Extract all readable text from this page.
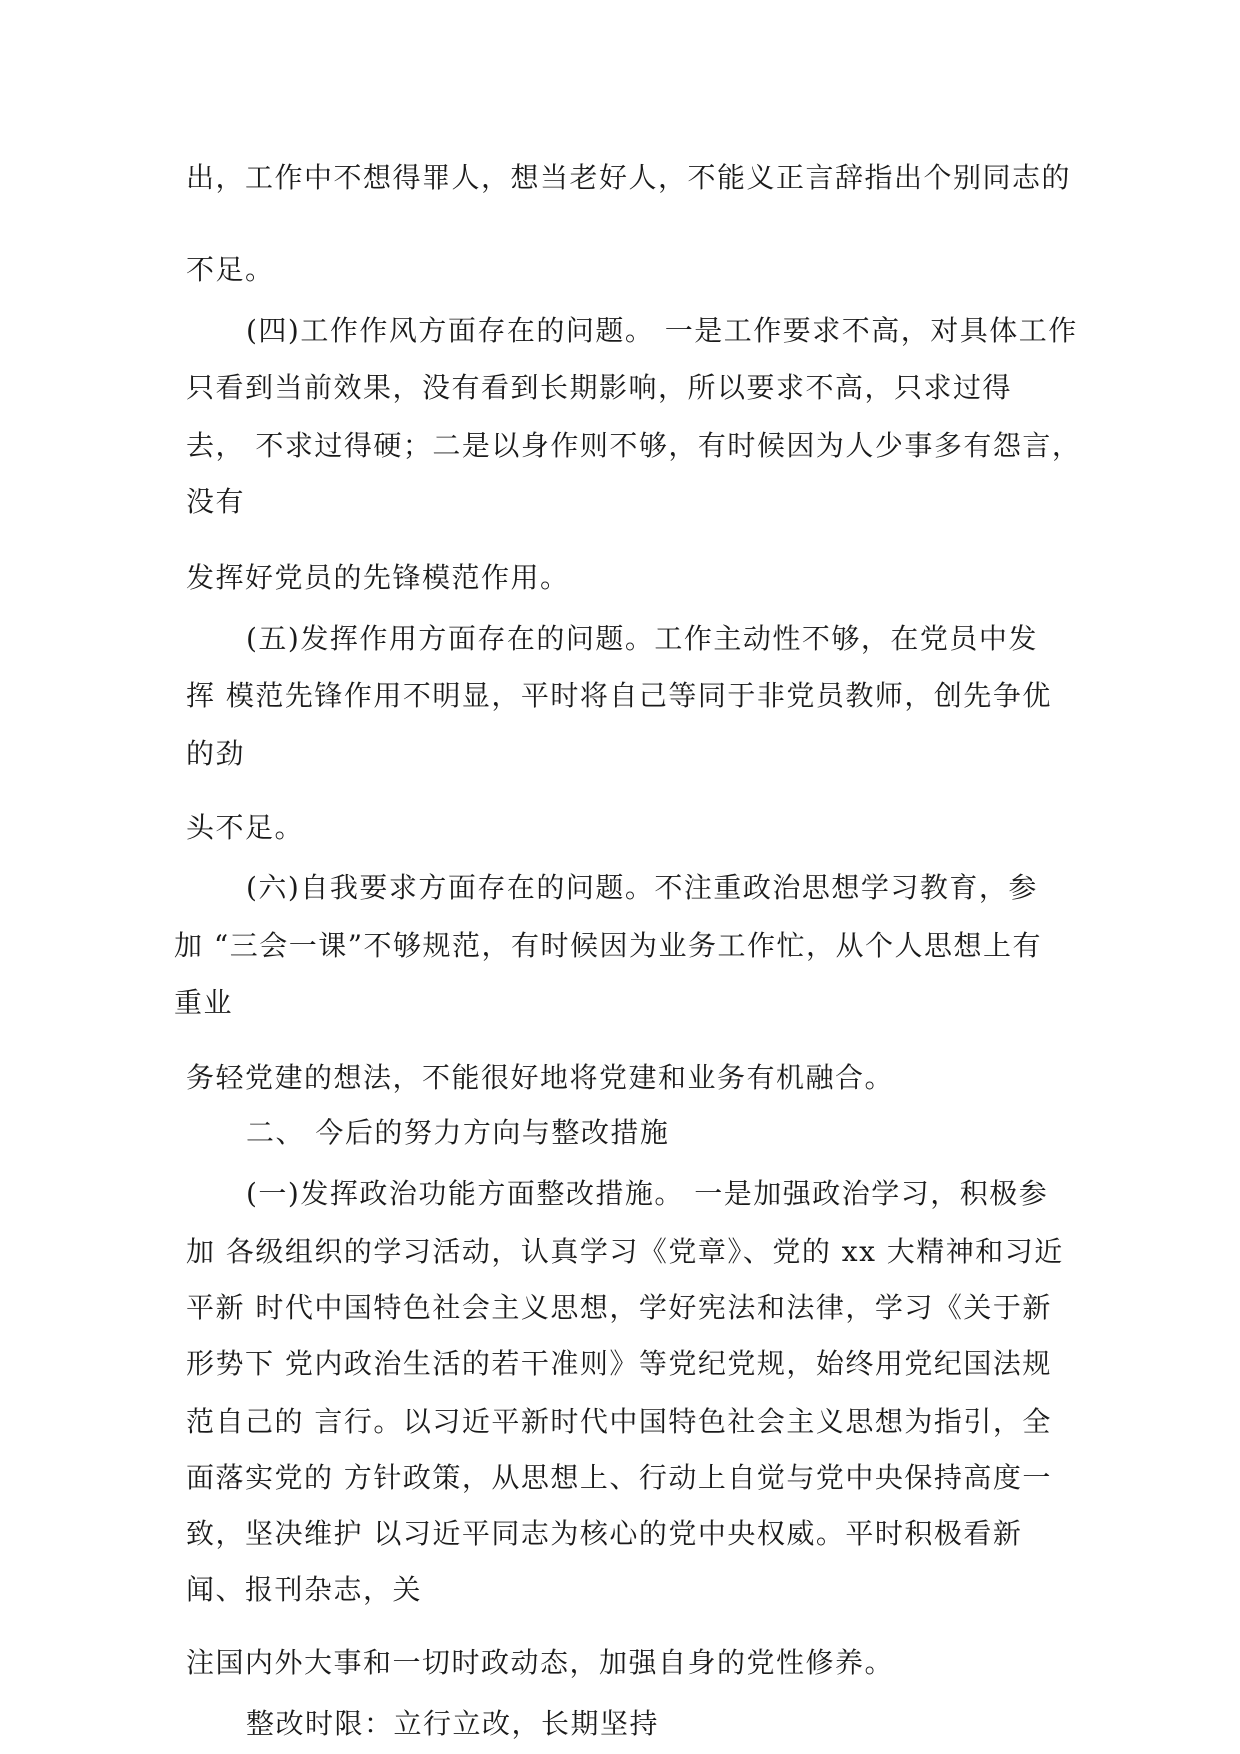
出，工作中不想得罪人，想当老好人，不能义正言辞指出个别同志的
不足。
(四)工作作风方面存在的问题。 一是工作要求不高，对具体工作
只看到当前效果，没有看到长期影响，所以要求不高，只求过得
去， 不求过得硬；二是以身作则不够，有时候因为人少事多有怨言，
没有
发挥好党员的先锋模范作用。
(五)发挥作用方面存在的问题。工作主动性不够，在党员中发
挥 模范先锋作用不明显，平时将自己等同于非党员教师，创先争优
的劲
头不足。
(六)自我要求方面存在的问题。不注重政治思想学习教育，参
加 “三会一课”不够规范，有时候因为业务工作忙，从个人思想上有
重业
务轻党建的想法，不能很好地将党建和业务有机融合。
二、 今后的努力方向与整改措施
(一)发挥政治功能方面整改措施。 一是加强政治学习，积极参
加 各级组织的学习活动，认真学习《党章》、党的 xx 大精神和习近
平新 时代中国特色社会主义思想，学好宪法和法律，学习《关于新
形势下 党内政治生活的若干准则》等党纪党规，始终用党纪国法规
范自己的 言行。以习近平新时代中国特色社会主义思想为指引，全
面落实党的 方针政策，从思想上、行动上自觉与党中央保持高度一
致，坚决维护 以习近平同志为核心的党中央权威。平时积极看新
闻、报刊杂志，关
注国内外大事和一切时政动态，加强自身的党性修养。
整改时限：立行立改，长期坚持
